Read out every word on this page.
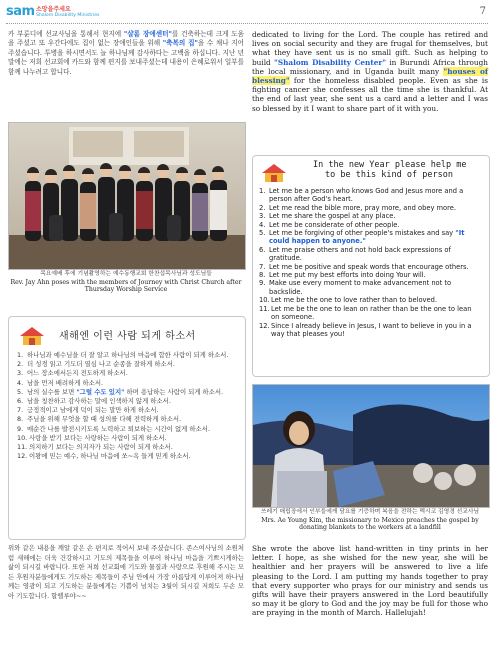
sam 소망을주세요
Shalom Disability Ministries	7
카 부룬디에 선교사님을 통해서 현지에 "샬롬 장애센터"를 건축하는데 크게 도움을 주셨고 또 우간다에도 집이 없는 장애인들을 위해 "축복의 집"을 수 채나 지어 주셨습니다. 투병을 하시면서도 늘 하나님께 감사하다는 고백을 하십니다. 지난 년말에는 저희 선교회에 카드와 함께 편지를 보내주셨는데 내용이 은혜로워서 일부를 함께 나누려고 합니다.
dedicated to living for the Lord. The couple has retired and lives on social security and they are frugal for themselves, but what they have sent us is no small gift. Such as helping to build "Shalom Disability Center" in Burundi Africa through the local missionary, and in Uganda built many "houses of blessing" for the homeless disabled people. Even as she is fighting cancer she confesses all the time she is thankful. At the end of last year, she sent us a card and a letter and I was so blessed by it I want to share part of it with you.
목요예배 후에 기념촬영하는 예수동행교회 한찬섭목사님과 성도님들
Rev. Jay Ahn poses with the members of Journey with Christ Church after Thursday Worship Service
In the new Year please help me
to be this kind of person
1. Let me be a person who knows God and Jesus more and a person after God's heart.
2. Let me read the bible more, pray more, and obey more.
3. Let me share the gospel at any place.
4. Let me be considerate of other people.
5. Let me be forgiving of other people's mistakes and say "It could happen to anyone."
6. Let me praise others and not hold back expressions of gratitude.
7. Let me be positive and speak words that encourage others.
8. Let me put my best efforts into doing Your will.
9. Make use every moment to make advancement not to backslide.
10. Let me be the one to love rather than to beloved.
11. Let me be the one to lean on rather than be the one to lean on someone.
12. Since I already believe in Jesus, I want to believe in you in a way that pleases you!
새해엔 이런 사람 되게 하소서
1. 하나님과 예수님을 더 잘 알고 하나님의 마음에 합한 사람이 되게 하소서.
2. 더 성경 읽고 기도더 열심 나고 순종을 잘하게 하소서.
3. 어느 장소에서든지 전도하게 하소서.
4. 남을 먼저 배려하게 하소서.
5. 남의 실수를 보면 "그럴 수도 있지" 하며 용납하는 사람이 되게 하소서.
6. 남을 칭찬하고 감사하는 말에 인색하지 않게 하소서.
7. 긍정적이고 남에게 덕이 되는 말만 하게 하소서.
8. 주님을 위해 무엇을 할 때 성의를 다해 전력하게 하소서.
9. 매순간 나를 발전시키도록 노력하고 퇴보하는 시간이 없게 하소서.
10. 사랑을 받기 보다는 사랑하는 사람이 되게 하소서.
11. 의지하기 보다는 의지자가 되는 사람이 되게 하소서.
12. 이왕에 믿는 예수, 하나님 마음에 쏘~옥 들게 믿게 하소서.
쓰레기 매립장에서 인부들에게 담요를 기증하며 복음을 전하는 멕시코 김영경 선교사님
Mrs. Ae Young Kim, the missionary to Mexico preaches the gospel by donating blankets to the workers at a landfill
위와 같은 내용을 깨알 같은 손 편지로 적어서 보내 주셨습니다. 존스여사님의 소원처럼 새해에는 더욱 건강하시고 기도의 제목들을 이루어 하나님 마음을 기쁘시게하는 삶이 되시길 바랍니다. 또한 저희 선교회에 기도와 물질과 사랑으로 후원해 주시는 모든 후원자분들에게도 기도하는 제목들이 주님 안에서 가장 아름답게 이루어져 하나님께는 영광이 되고 기도하는 분들에게는 기쁨이 넘치는 3월이 되시길 저희도 두손 모아 기도합니다. 할렐루야~~
She wrote the above list hand-written in tiny prints in her letter. I hope, as she wished for the new year, she will be healthier and her prayers will be answered to live a life pleasing to the Lord. I am putting my hands together to pray that every supporter who prays for our ministry and sends us gifts will have their prayers answered in the Lord beautifully so may it be glory to God and the joy may be full for those who are praying in the month of March. Hallelujah!
